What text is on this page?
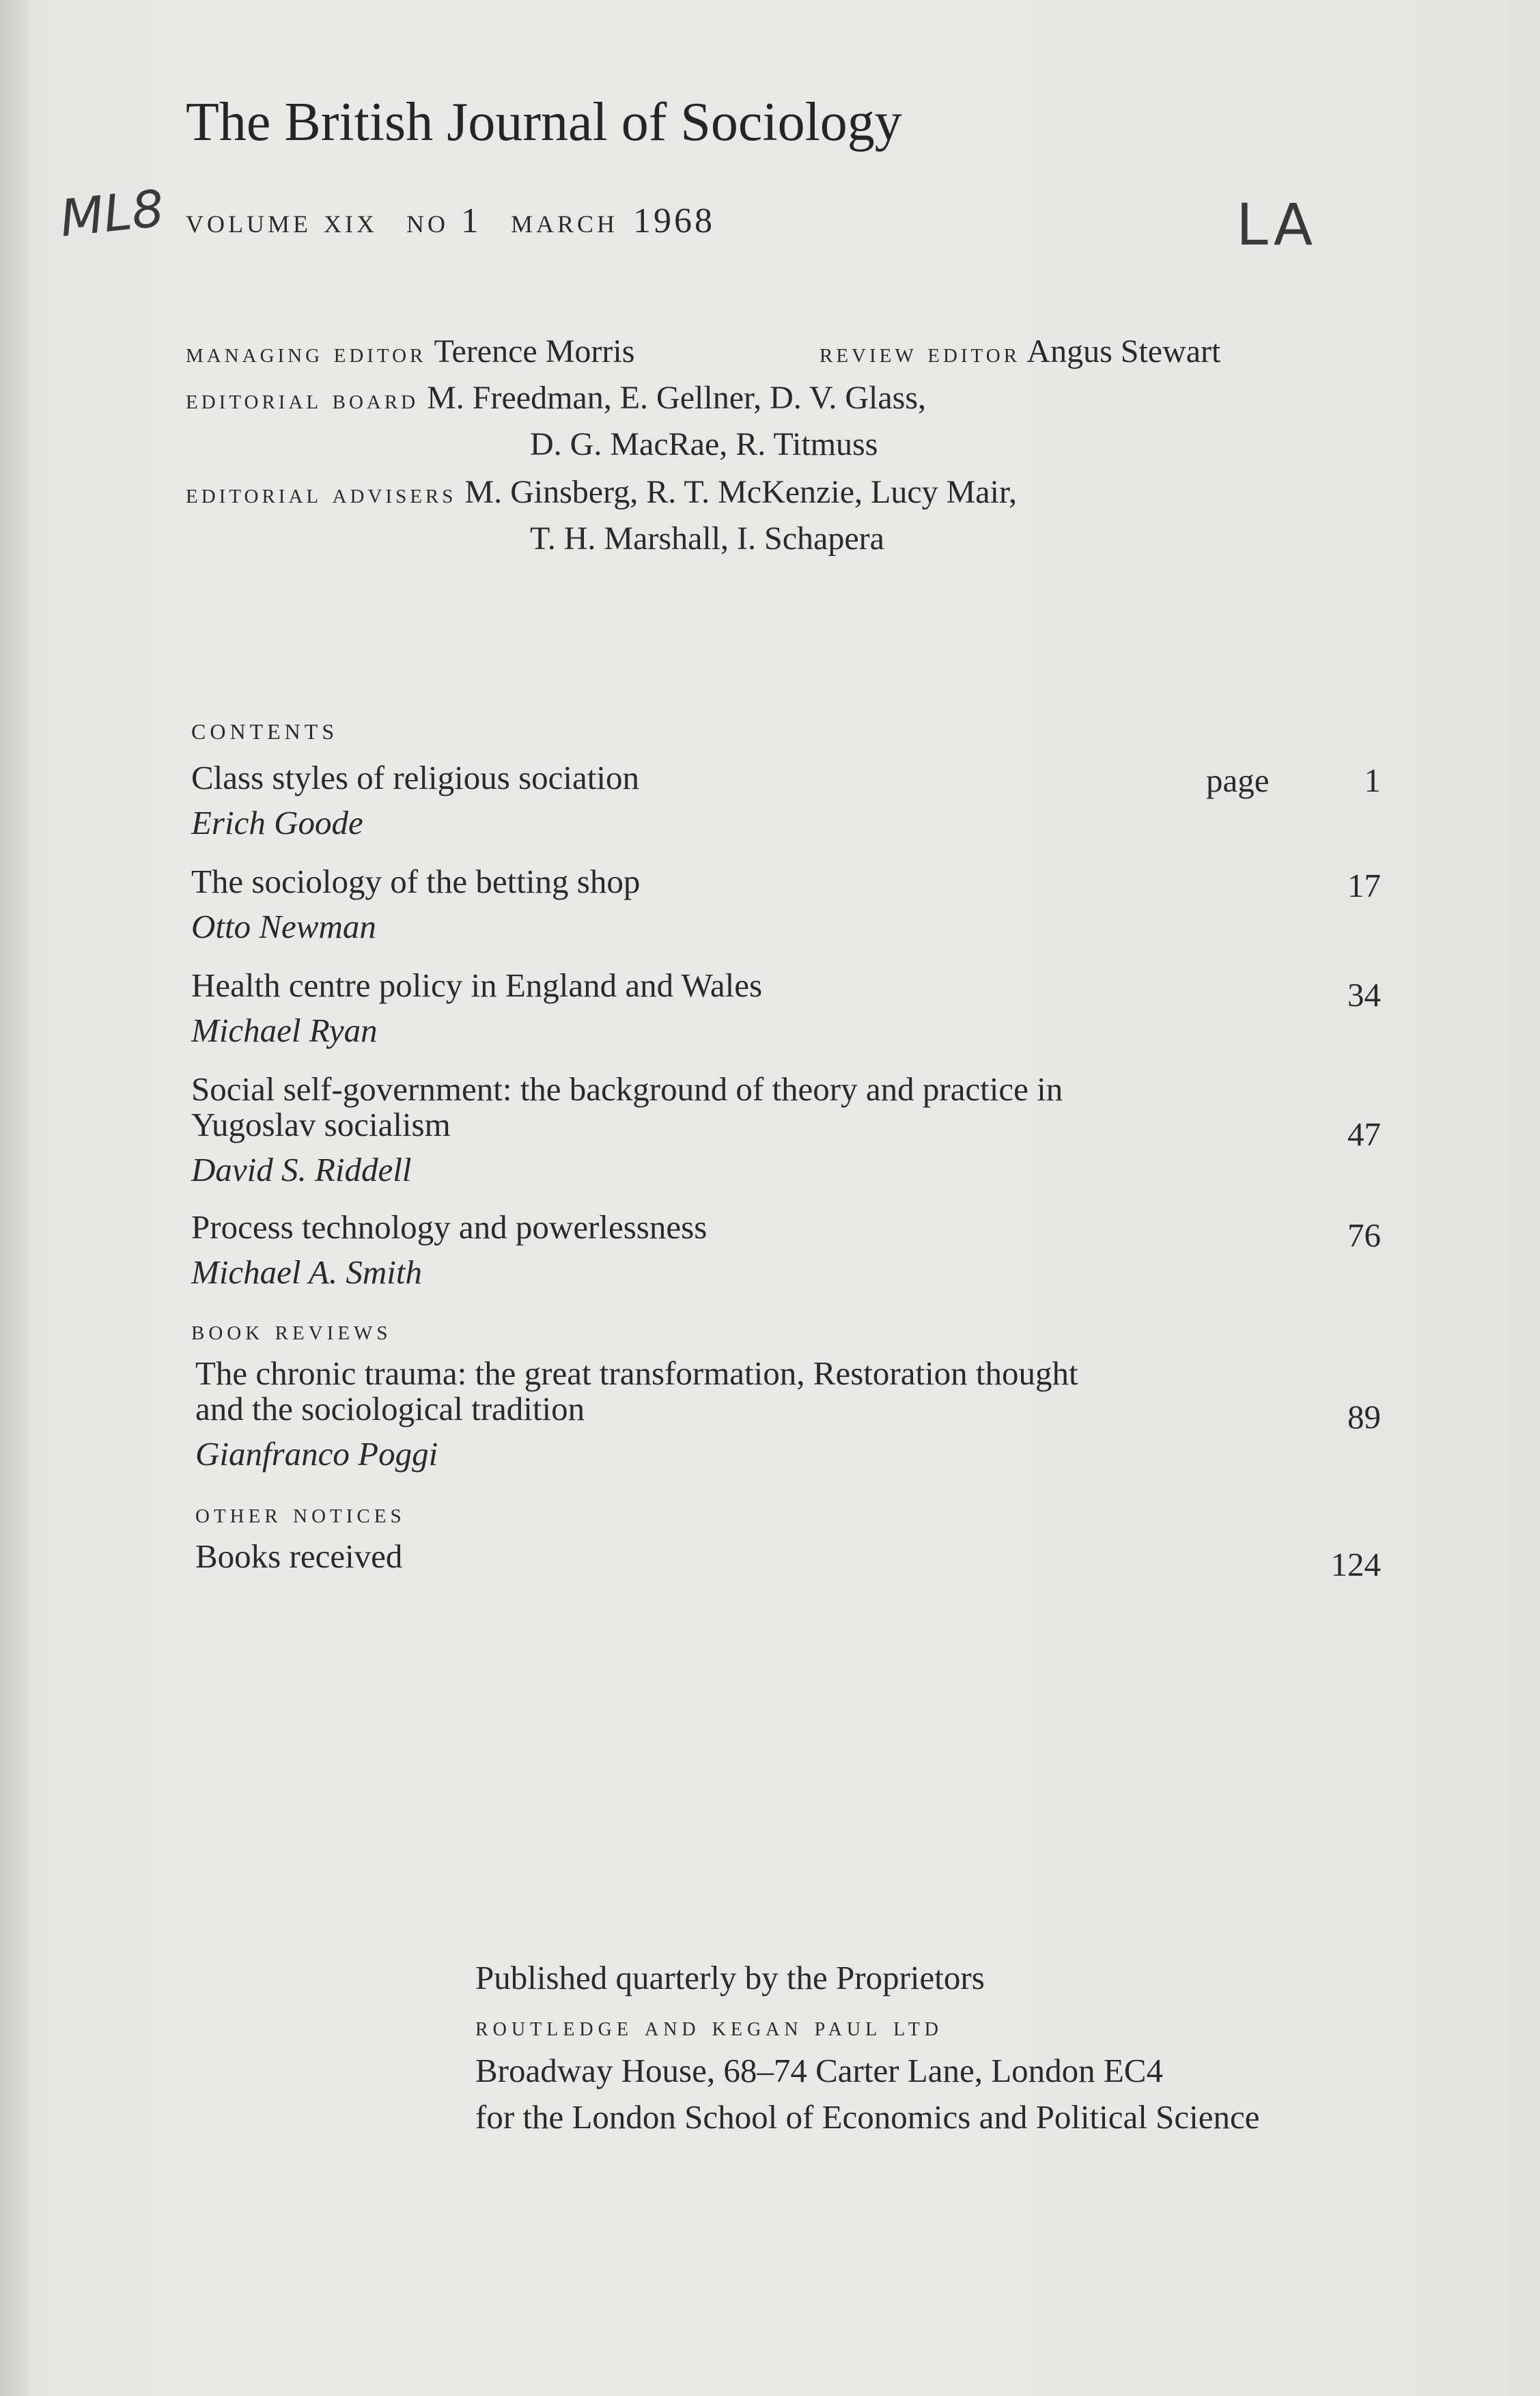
The British Journal of Sociology
ML8	LA
volume xix no 1 march 1968
managing editor Terence Morris	review editor Angus Stewart
editorial board M. Freedman, E. Gellner, D. V. Glass,
D. G. MacRae, R. Titmuss
editorial advisers M. Ginsberg, R. T. McKenzie, Lucy Mair,
T. H. Marshall, I. Schapera
contents
Class styles of religious sociation	page	1
Erich Goode
The sociology of the betting shop	17
Otto Newman
Health centre policy in England and Wales	34
Michael Ryan
Social self-government: the background of theory and practice in
Yugoslav socialism	47
David S. Riddell
Process technology and powerlessness	76
Michael A. Smith
book reviews
The chronic trauma: the great transformation, Restoration thought
and the sociological tradition	89
Gianfranco Poggi
other notices
Books received	124
Published quarterly by the Proprietors
routledge and kegan paul ltd
Broadway House, 68–74 Carter Lane, London EC4
for the London School of Economics and Political Science
